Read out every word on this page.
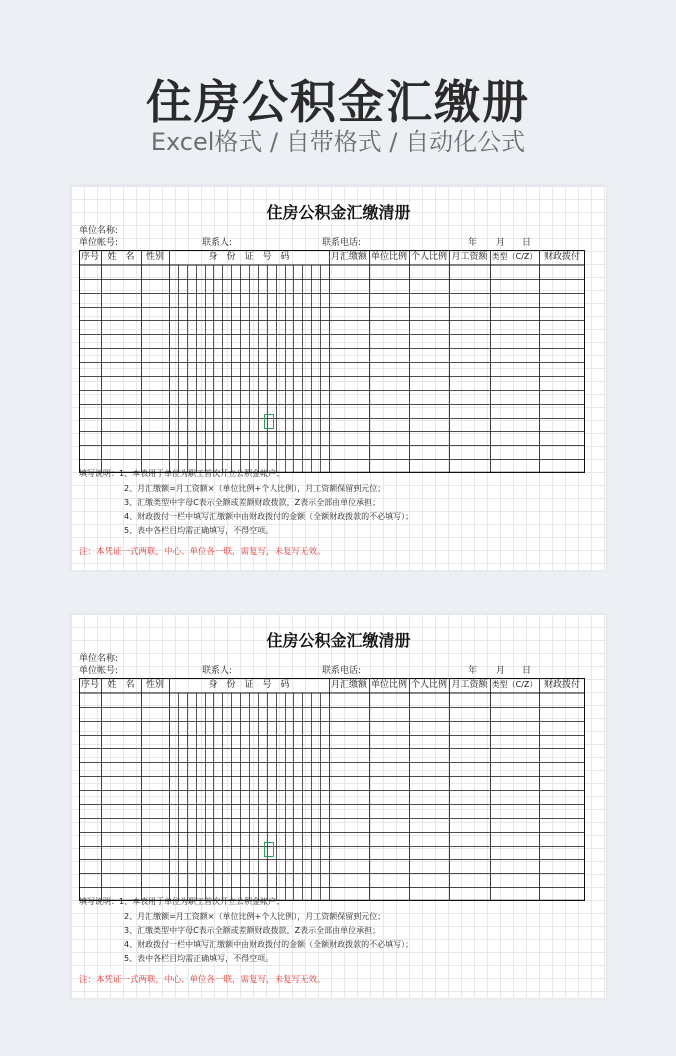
住房公积金汇缴册
Excel格式 / 自带格式 / 自动化公式
住房公积金汇缴清册
单位名称:
单位帐号:	联系人:	联系电话:	年 月 日
序号 姓　名	性别	身　份　证　号　码	月汇缴额 单位比例 个人比例 月工资额 类型（C/Z） 财政拨付
填写说明： 1、本表用于单位为职工首次开立公积金帐户；
2、月汇缴额=月工资额×（单位比例+个人比例），月工资额保留到元位；
3、汇缴类型中字母C表示全额或差额财政拨款，Z表示全部由单位承担；
4、财政拨付一栏中填写汇缴额中由财政拨付的金额（全额财政拨款的不必填写）；
5、表中各栏目均需正确填写，不得空项。
注：本凭证一式两联，中心、单位各一联，需复写，未复写无效。
住房公积金汇缴清册
单位名称:
单位帐号:	联系人:	联系电话:	年 月 日
序号 姓　名	性别	身　份　证　号　码	月汇缴额 单位比例 个人比例 月工资额 类型（C/Z） 财政拨付
填写说明： 1、本表用于单位为职工首次开立公积金帐户；
2、月汇缴额=月工资额×（单位比例+个人比例），月工资额保留到元位；
3、汇缴类型中字母C表示全额或差额财政拨款，Z表示全部由单位承担；
4、财政拨付一栏中填写汇缴额中由财政拨付的金额（全额财政拨款的不必填写）；
5、表中各栏目均需正确填写，不得空项。
注：本凭证一式两联，中心、单位各一联，需复写，未复写无效。
